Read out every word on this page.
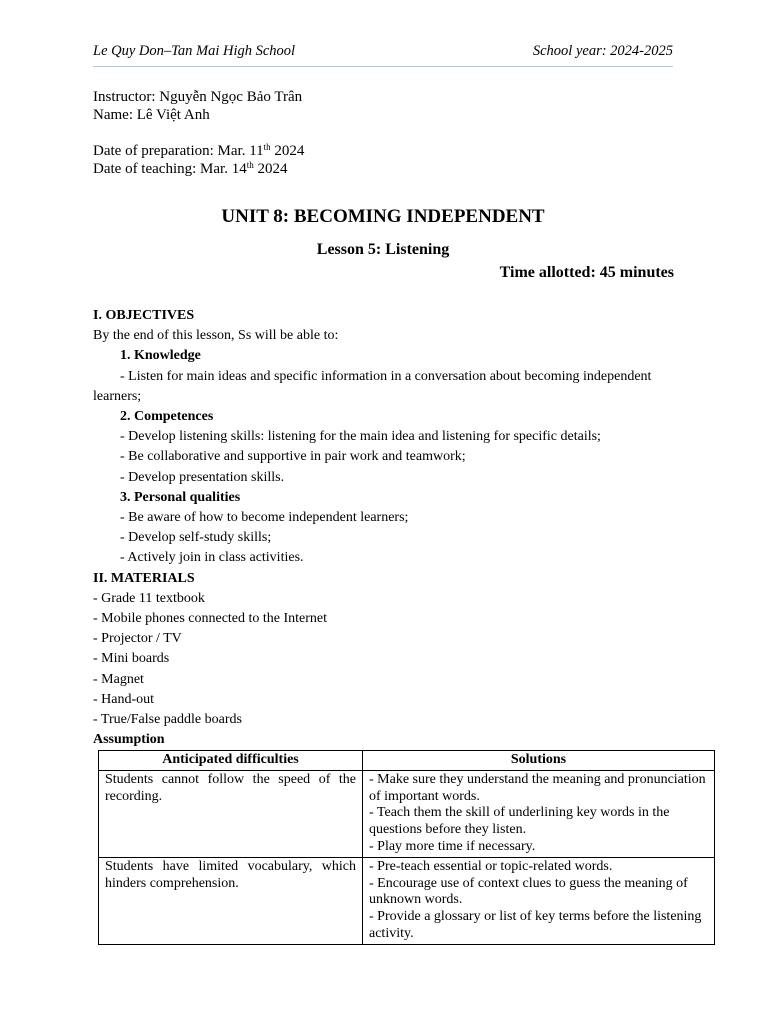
Le Quy Don–Tan Mai High School	School year: 2024-2025
Instructor: Nguyễn Ngọc Bảo Trân
Name: Lê Việt Anh
Date of preparation: Mar. 11th 2024
Date of teaching: Mar. 14th 2024
UNIT 8: BECOMING INDEPENDENT
Lesson 5: Listening
Time allotted: 45 minutes

I. OBJECTIVES

By the end of this lesson, Ss will be able to:

1. Knowledge

- Listen for main ideas and specific information in a conversation about becoming independent learners;

2. Competences

- Develop listening skills: listening for the main idea and listening for specific details;

- Be collaborative and supportive in pair work and teamwork;

- Develop presentation skills.

3. Personal qualities

- Be aware of how to become independent learners;

- Develop self-study skills;

- Actively join in class activities.

II. MATERIALS

- Grade 11 textbook

- Mobile phones connected to the Internet

- Projector / TV

- Mini boards

- Magnet

- Hand-out

- True/False paddle boards

Assumption

Anticipated difficulties	Solutions
Students cannot follow the speed of the recording.	- Make sure they understand the meaning and pronunciation of important words.
- Teach them the skill of underlining key words in the questions before they listen.
- Play more time if necessary.

Students have limited vocabulary, which hinders comprehension.	- Pre-teach essential or topic-related words.
- Encourage use of context clues to guess the meaning of unknown words.
- Provide a glossary or list of key terms before the listening activity.
